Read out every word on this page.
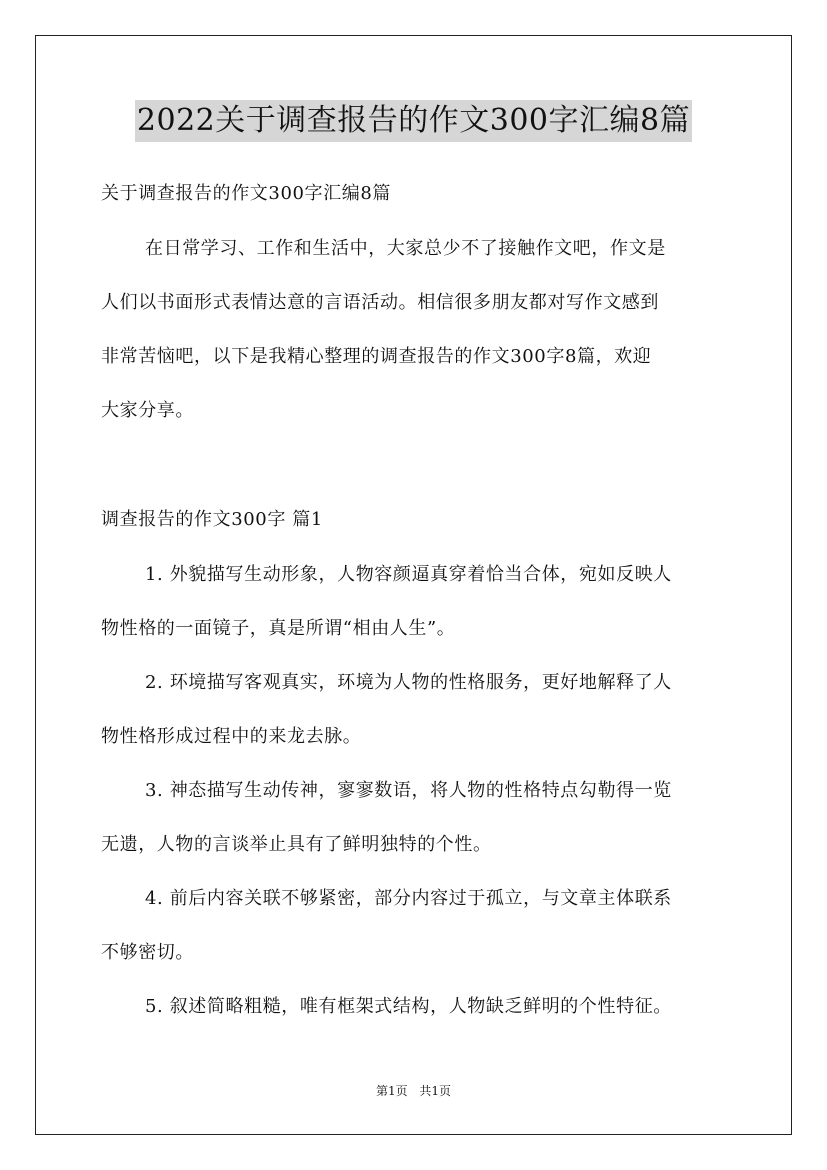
2022关于调查报告的作文300字汇编8篇
关于调查报告的作文300字汇编8篇
在日常学习、工作和生活中，大家总少不了接触作文吧，作文是
人们以书面形式表情达意的言语活动。相信很多朋友都对写作文感到
非常苦恼吧，以下是我精心整理的调查报告的作文300字8篇，欢迎
大家分享。
调查报告的作文300字 篇1
1. 外貌描写生动形象，人物容颜逼真穿着恰当合体，宛如反映人
物性格的一面镜子，真是所谓“相由人生”。
2. 环境描写客观真实，环境为人物的性格服务，更好地解释了人
物性格形成过程中的来龙去脉。
3. 神态描写生动传神，寥寥数语，将人物的性格特点勾勒得一览
无遗，人物的言谈举止具有了鲜明独特的个性。
4. 前后内容关联不够紧密，部分内容过于孤立，与文章主体联系
不够密切。
5. 叙述简略粗糙，唯有框架式结构，人物缺乏鲜明的个性特征。
第1页 共1页
